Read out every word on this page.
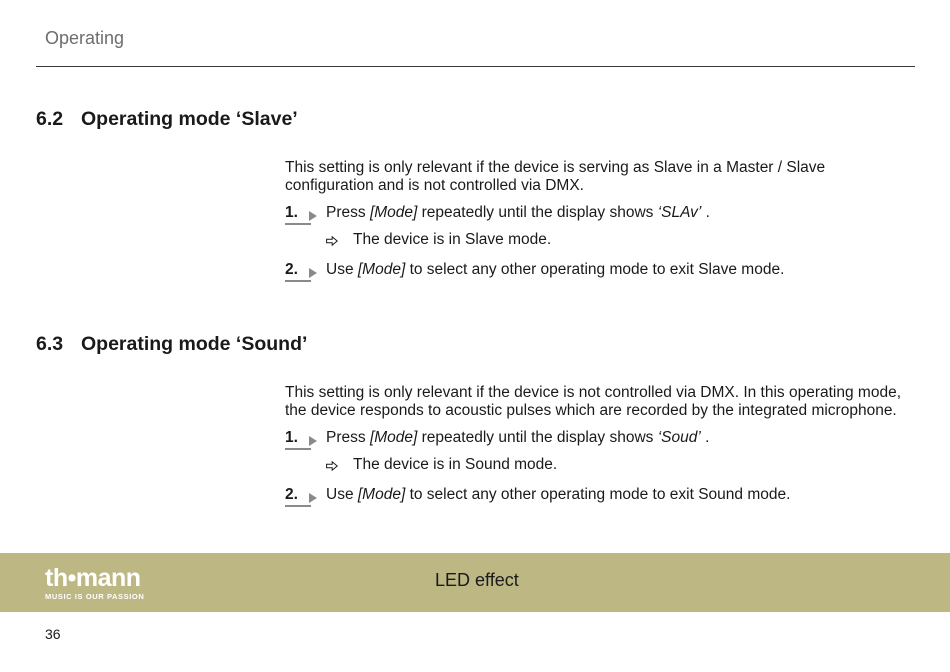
Operating
6.2 Operating mode ‘Slave’
This setting is only relevant if the device is serving as Slave in a Master / Slave configuration and is not controlled via DMX.
1.	Press [Mode] repeatedly until the display shows ‘SLAv’ .
The device is in Slave mode.
2.	Use [Mode] to select any other operating mode to exit Slave mode.
6.3 Operating mode ‘Sound’
This setting is only relevant if the device is not controlled via DMX. In this operating mode, the device responds to acoustic pulses which are recorded by the integrated microphone.
1.	Press [Mode] repeatedly until the display shows ‘Soud’ .
The device is in Sound mode.
2.	Use [Mode] to select any other operating mode to exit Sound mode.
th•mann
MUSIC IS OUR PASSION
LED effect
36
